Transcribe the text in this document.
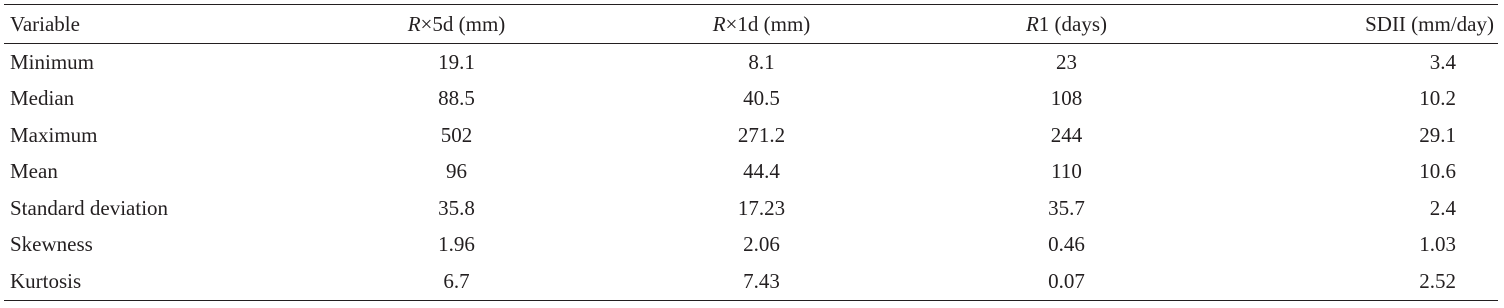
Variable	R×5d (mm)	R×1d (mm)	R1 (days)	SDII (mm/day)
Minimum	19.1	8.1	23	3.4
Median	88.5	40.5	108	10.2
Maximum	502	271.2	244	29.1
Mean	96	44.4	110	10.6
Standard deviation	35.8	17.23	35.7	2.4
Skewness	1.96	2.06	0.46	1.03
Kurtosis	6.7	7.43	0.07	2.52
